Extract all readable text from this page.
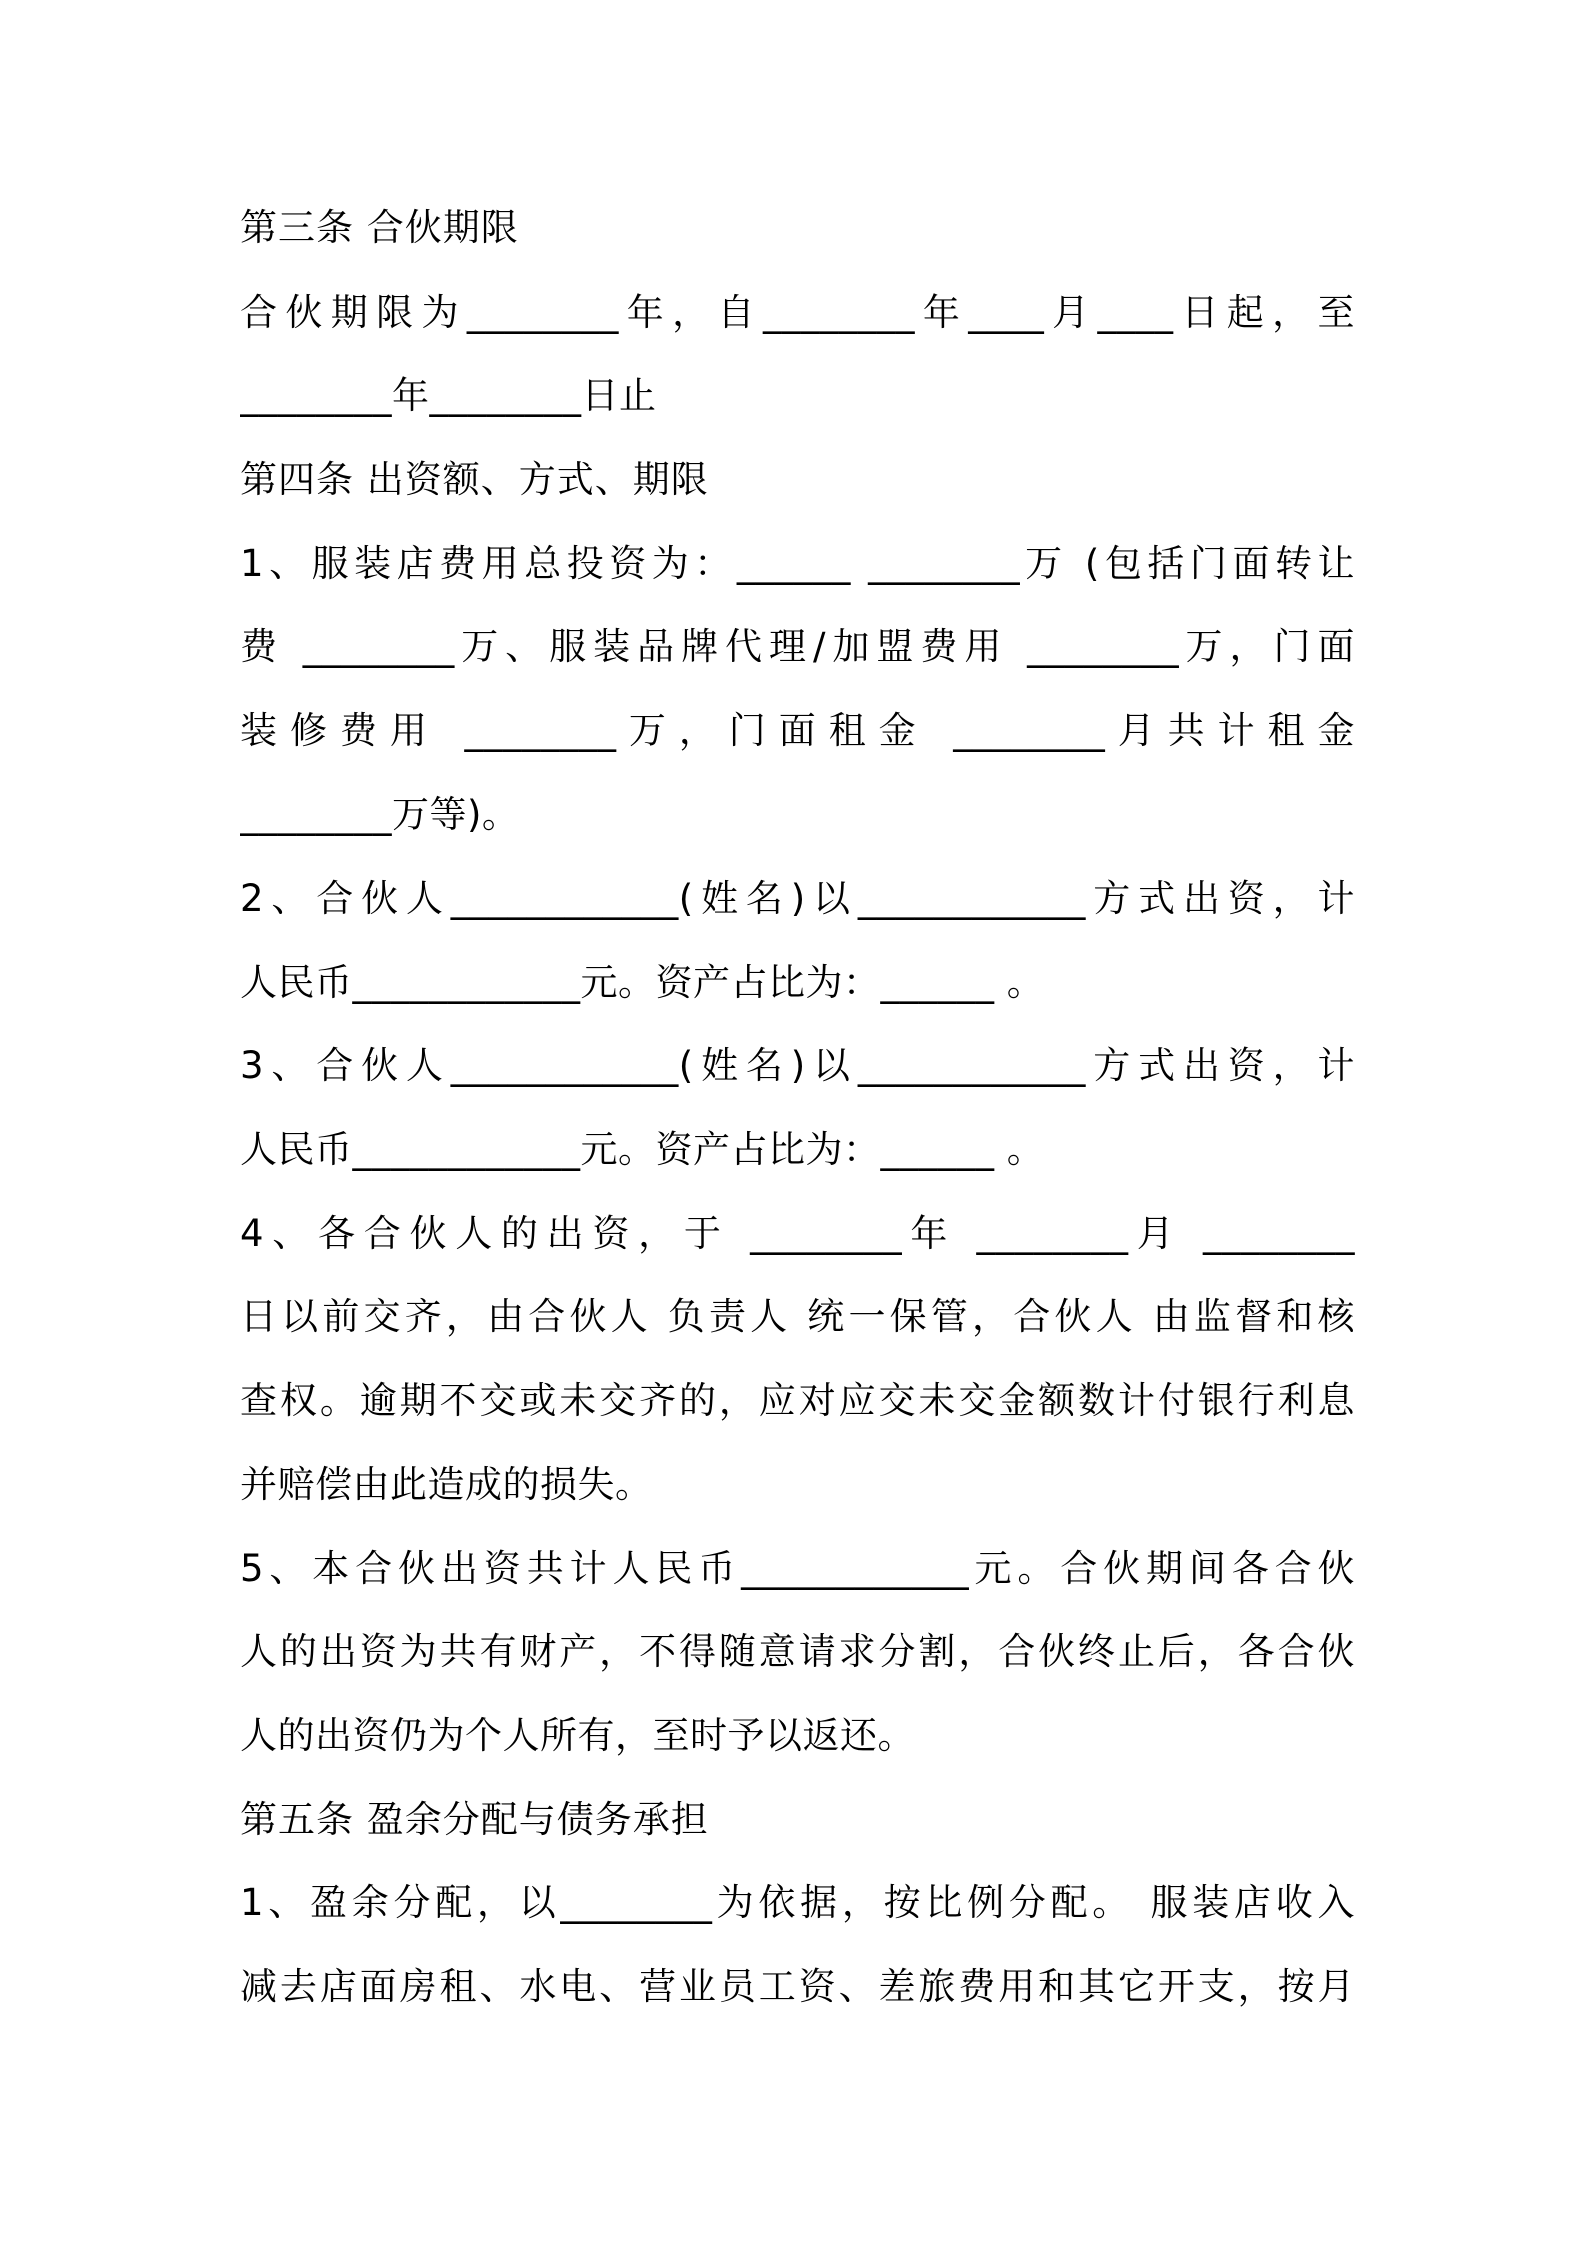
第三条 合伙期限
合伙期限为________年，自________年____月____日起，至
________年________日止
第四条 出资额、方式、期限
1、服装店费用总投资为：______ ________万 (包括门面转让
费 ________万、服装品牌代理/加盟费用 ________万，门面
装修费用 ________万，门面租金 ________月共计租金
________万等)。
2、合伙人____________(姓名)以____________方式出资，计
人民币____________元。资产占比为：______ 。
3、合伙人____________(姓名)以____________方式出资，计
人民币____________元。资产占比为：______ 。
4、各合伙人的出资，于 ________年 ________月 ________
日以前交齐，由合伙人 负责人 统一保管，合伙人 由监督和核
查权。逾期不交或未交齐的，应对应交未交金额数计付银行利息
并赔偿由此造成的损失。
5、本合伙出资共计人民币____________元。合伙期间各合伙
人的出资为共有财产，不得随意请求分割，合伙终止后，各合伙
人的出资仍为个人所有，至时予以返还。
第五条 盈余分配与债务承担
1、盈余分配，以________为依据，按比例分配。 服装店收入
减去店面房租、水电、营业员工资、差旅费用和其它开支，按月
